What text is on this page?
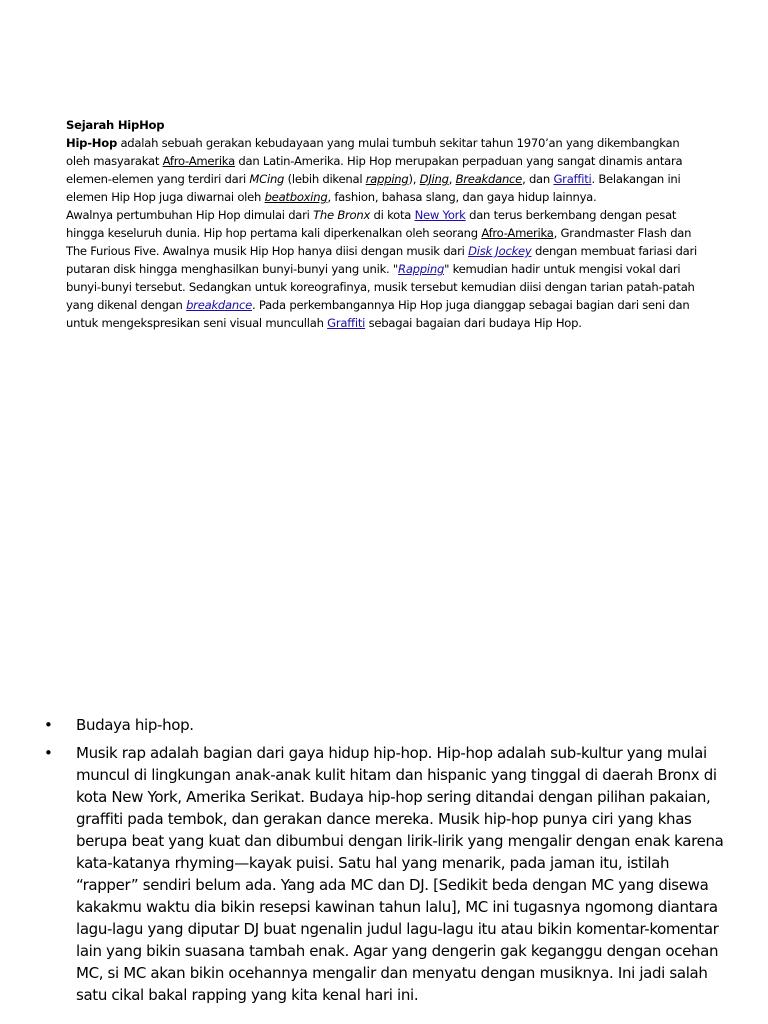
Sejarah HipHop

Hip-Hop adalah sebuah gerakan kebudayaan yang mulai tumbuh sekitar tahun 1970’an yang dikembangkan oleh masyarakat Afro-Amerika dan Latin-Amerika. Hip Hop merupakan perpaduan yang sangat dinamis antara elemen-elemen yang terdiri dari MCing (lebih dikenal rapping), DJing, Breakdance, dan Graffiti. Belakangan ini elemen Hip Hop juga diwarnai oleh beatboxing, fashion, bahasa slang, dan gaya hidup lainnya.

Awalnya pertumbuhan Hip Hop dimulai dari The Bronx di kota New York dan terus berkembang dengan pesat hingga keseluruh dunia. Hip hop pertama kali diperkenalkan oleh seorang Afro-Amerika, Grandmaster Flash dan The Furious Five. Awalnya musik Hip Hop hanya diisi dengan musik dari Disk Jockey dengan membuat fariasi dari putaran disk hingga menghasilkan bunyi-bunyi yang unik. "Rapping" kemudian hadir untuk mengisi vokal dari bunyi-bunyi tersebut. Sedangkan untuk koreografinya, musik tersebut kemudian diisi dengan tarian patah-patah yang dikenal dengan breakdance. Pada perkembangannya Hip Hop juga dianggap sebagai bagian dari seni dan untuk mengekspresikan seni visual muncullah Graffiti sebagai bagaian dari budaya Hip Hop.

•	Budaya hip-hop.
•	Musik rap adalah bagian dari gaya hidup hip-hop. Hip-hop adalah sub-kultur yang mulai muncul di lingkungan anak-anak kulit hitam dan hispanic yang tinggal di daerah Bronx di kota New York, Amerika Serikat. Budaya hip-hop sering ditandai dengan pilihan pakaian, graffiti pada tembok, dan gerakan dance mereka. Musik hip-hop punya ciri yang khas berupa beat yang kuat dan dibumbui dengan lirik-lirik yang mengalir dengan enak karena kata-katanya rhyming—kayak puisi. Satu hal yang menarik, pada jaman itu, istilah “rapper” sendiri belum ada. Yang ada MC dan DJ. [Sedikit beda dengan MC yang disewa kakakmu waktu dia bikin resepsi kawinan tahun lalu], MC ini tugasnya ngomong diantara lagu-lagu yang diputar DJ buat ngenalin judul lagu-lagu itu atau bikin komentar-komentar lain yang bikin suasana tambah enak. Agar yang dengerin gak keganggu dengan ocehan MC, si MC akan bikin ocehannya mengalir dan menyatu dengan musiknya. Ini jadi salah satu cikal bakal rapping yang kita kenal hari ini.
